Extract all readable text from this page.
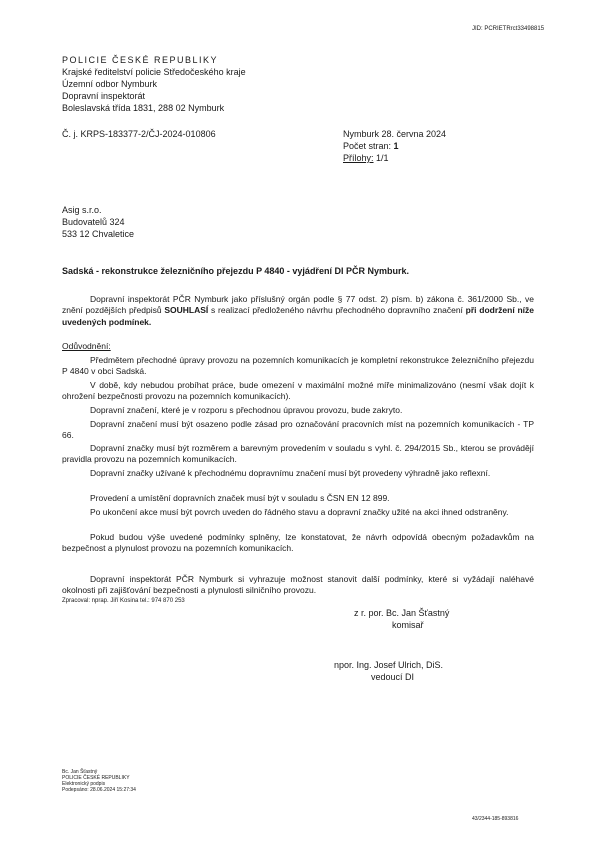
JID: PCRIETRrct33498815
POLICIE ČESKÉ REPUBLIKY
Krajské ředitelství policie Středočeského kraje
Územní odbor Nymburk
Dopravní inspektorát
Boleslavská třída 1831, 288 02 Nymburk
Č. j. KRPS-183377-2/ČJ-2024-010806	Nymburk 28. června 2024
Počet stran: 1
Přílohy: 1/1
Asig s.r.o.
Budovatelů 324
533 12 Chvaletice
Sadská - rekonstrukce železničního přejezdu P 4840 - vyjádření DI PČR Nymburk.
Dopravní inspektorát PČR Nymburk jako příslušný orgán podle § 77 odst. 2) písm. b) zákona č. 361/2000 Sb., ve znění pozdějších předpisů SOUHLASÍ s realizací předloženého návrhu přechodného dopravního značení při dodržení níže uvedených podmínek.
Odůvodnění:
Předmětem přechodné úpravy provozu na pozemních komunikacích je kompletní rekonstrukce železničního přejezdu P 4840 v obci Sadská.
V době, kdy nebudou probíhat práce, bude omezení v maximální možné míře minimalizováno (nesmí však dojít k ohrožení bezpečnosti provozu na pozemních komunikacích).
Dopravní značení, které je v rozporu s přechodnou úpravou provozu, bude zakryto.
Dopravní značení musí být osazeno podle zásad pro označování pracovních míst na pozemních komunikacích - TP 66.
Dopravní značky musí být rozměrem a barevným provedením v souladu s vyhl. č. 294/2015 Sb., kterou se provádějí pravidla provozu na pozemních komunikacích.
Dopravní značky užívané k přechodnému dopravnímu značení musí být provedeny výhradně jako reflexní.
Provedení a umístění dopravních značek musí být v souladu s ČSN EN 12 899.
Po ukončení akce musí být povrch uveden do řádného stavu a dopravní značky užité na akci ihned odstraněny.
Pokud budou výše uvedené podmínky splněny, lze konstatovat, že návrh odpovídá obecným požadavkům na bezpečnost a plynulost provozu na pozemních komunikacích.
Dopravní inspektorát PČR Nymburk si vyhrazuje možnost stanovit další podmínky, které si vyžádají naléhavé okolnosti při zajišťování bezpečnosti a plynulosti silničního provozu.
Zpracoval: nprap. Jiří Kosina tel.: 974 870 253
z r. por. Bc. Jan Šťastný
komisař
npor. Ing. Josef Ulrich, DiS.
vedoucí DI
Bc. Jan Šťastný
POLICIE ČESKÉ REPUBLIKY
Elektronický podpis
Podepsáno: 28.06.2024 15:27:34
43/2344-185-893816
